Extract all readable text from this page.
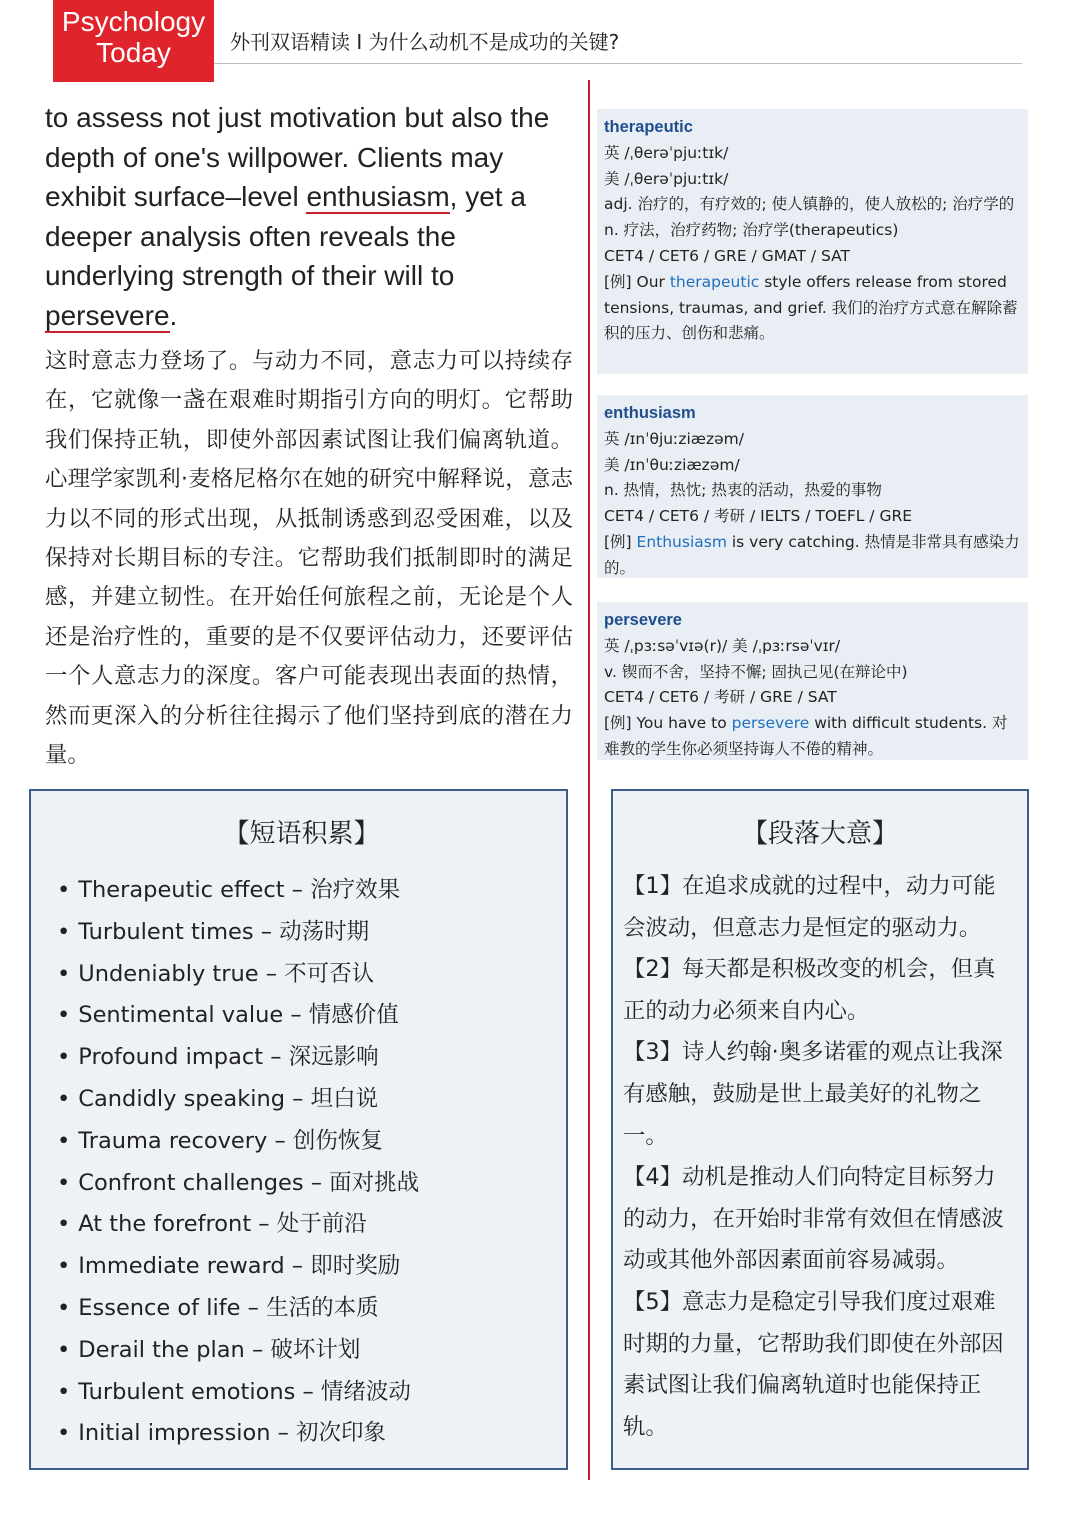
Psychology
Today	外刊双语精读 I 为什么动机不是成功的关键?
to assess not just motivation but also the depth of one's willpower. Clients may exhibit surface–level enthusiasm, yet a deeper analysis often reveals the underlying strength of their will to persevere.
这时意志力登场了。与动力不同，意志力可以持续存在，它就像一盏在艰难时期指引方向的明灯。它帮助我们保持正轨，即使外部因素试图让我们偏离轨道。心理学家凯利·麦格尼格尔在她的研究中解释说，意志力以不同的形式出现，从抵制诱惑到忍受困难，以及保持对长期目标的专注。它帮助我们抵制即时的满足感，并建立韧性。在开始任何旅程之前，无论是个人还是治疗性的，重要的是不仅要评估动力，还要评估一个人意志力的深度。客户可能表现出表面的热情，然而更深入的分析往往揭示了他们坚持到底的潜在力量。
therapeutic
英 /ˌθerəˈpjuːtɪk/
美 /ˌθerəˈpjuːtɪk/
adj. 治疗的，有疗效的; 使人镇静的，使人放松的; 治疗学的
n. 疗法，治疗药物; 治疗学(therapeutics)
CET4 / CET6 / GRE / GMAT / SAT
[例] Our therapeutic style offers release from stored tensions, traumas, and grief. 我们的治疗方式意在解除蓄积的压力、创伤和悲痛。
enthusiasm
英 /ɪnˈθjuːziæzəm/
美 /ɪnˈθuːziæzəm/
n. 热情，热忱; 热衷的活动，热爱的事物
CET4 / CET6 / 考研 / IELTS / TOEFL / GRE
[例] Enthusiasm is very catching. 热情是非常具有感染力的。
persevere
英 /ˌpɜːsəˈvɪə(r)/ 美 /ˌpɜːrsəˈvɪr/
v. 锲而不舍，坚持不懈; 固执己见(在辩论中)
CET4 / CET6 / 考研 / GRE / SAT
[例] You have to persevere with difficult students. 对难教的学生你必须坚持诲人不倦的精神。
【短语积累】
• Therapeutic effect – 治疗效果
• Turbulent times – 动荡时期
• Undeniably true – 不可否认
• Sentimental value – 情感价值
• Profound impact – 深远影响
• Candidly speaking – 坦白说
• Trauma recovery – 创伤恢复
• Confront challenges – 面对挑战
• At the forefront – 处于前沿
• Immediate reward – 即时奖励
• Essence of life – 生活的本质
• Derail the plan – 破坏计划
• Turbulent emotions – 情绪波动
• Initial impression – 初次印象
【段落大意】

【1】在追求成就的过程中，动力可能会波动，但意志力是恒定的驱动力。

【2】每天都是积极改变的机会，但真正的动力必须来自内心。

【3】诗人约翰·奥多诺霍的观点让我深有感触，鼓励是世上最美好的礼物之一。

【4】动机是推动人们向特定目标努力的动力，在开始时非常有效但在情感波动或其他外部因素面前容易减弱。

【5】意志力是稳定引导我们度过艰难时期的力量，它帮助我们即使在外部因素试图让我们偏离轨道时也能保持正轨。
